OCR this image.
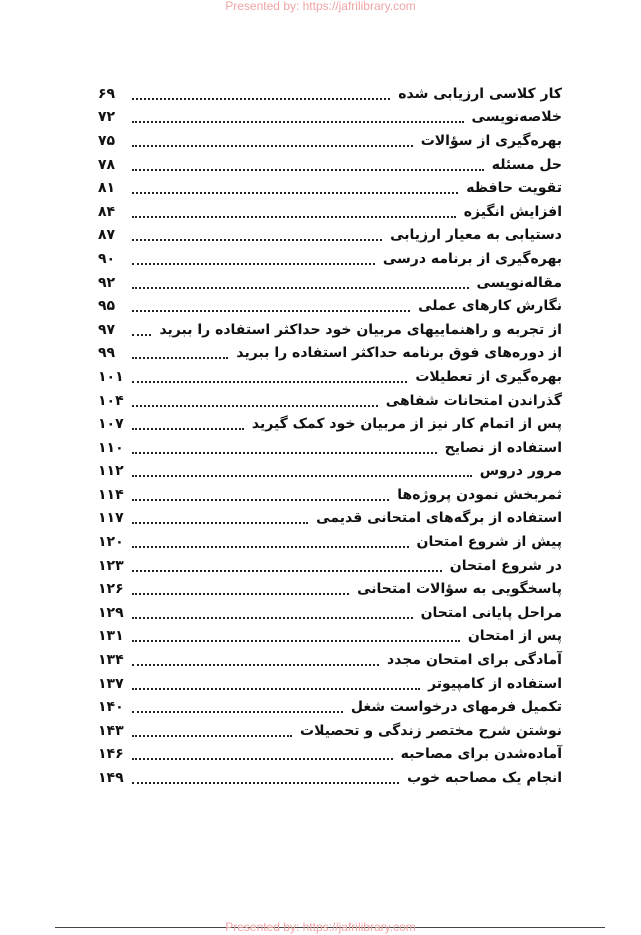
Presented by: https://jafrilibrary.com
کار کلاسی ارزیابی شده
۶۹
خلاصه‌نویسی
۷۲
بهره‌گیری از سؤالات
۷۵
حل مسئله
۷۸
تقویت حافظه
۸۱
افزایش انگیزه
۸۴
دستیابی به معیار ارزیابی
۸۷
بهره‌گیری از برنامه درسی
۹۰
مقاله‌نویسی
۹۲
نگارش کارهای عملی
۹۵
از تجربه و راهنماییهای مربیان خود حداکثر استفاده را ببرید
۹۷
از دوره‌های فوق برنامه حداکثر استفاده را ببرید
۹۹
بهره‌گیری از تعطیلات
۱۰۱
گذراندن امتحانات شفاهی
۱۰۴
پس از اتمام کار نیز از مربیان خود کمک گیرید
۱۰۷
استفاده از نصایح
۱۱۰
مرور دروس
۱۱۲
ثمربخش نمودن پروژه‌ها
۱۱۴
استفاده از برگه‌های امتحانی قدیمی
۱۱۷
پیش از شروع امتحان
۱۲۰
در شروع امتحان
۱۲۳
پاسخگویی به سؤالات امتحانی
۱۲۶
مراحل پایانی امتحان
۱۲۹
پس از امتحان
۱۳۱
آمادگی برای امتحان مجدد
۱۳۴
استفاده از کامپیوتر
۱۳۷
تکمیل فرمهای درخواست شغل
۱۴۰
نوشتن شرح مختصر زندگی و تحصیلات
۱۴۳
آماده‌شدن برای مصاحبه
۱۴۶
انجام یک مصاحبه خوب
۱۴۹
Presented by: https://jafrilibrary.com
